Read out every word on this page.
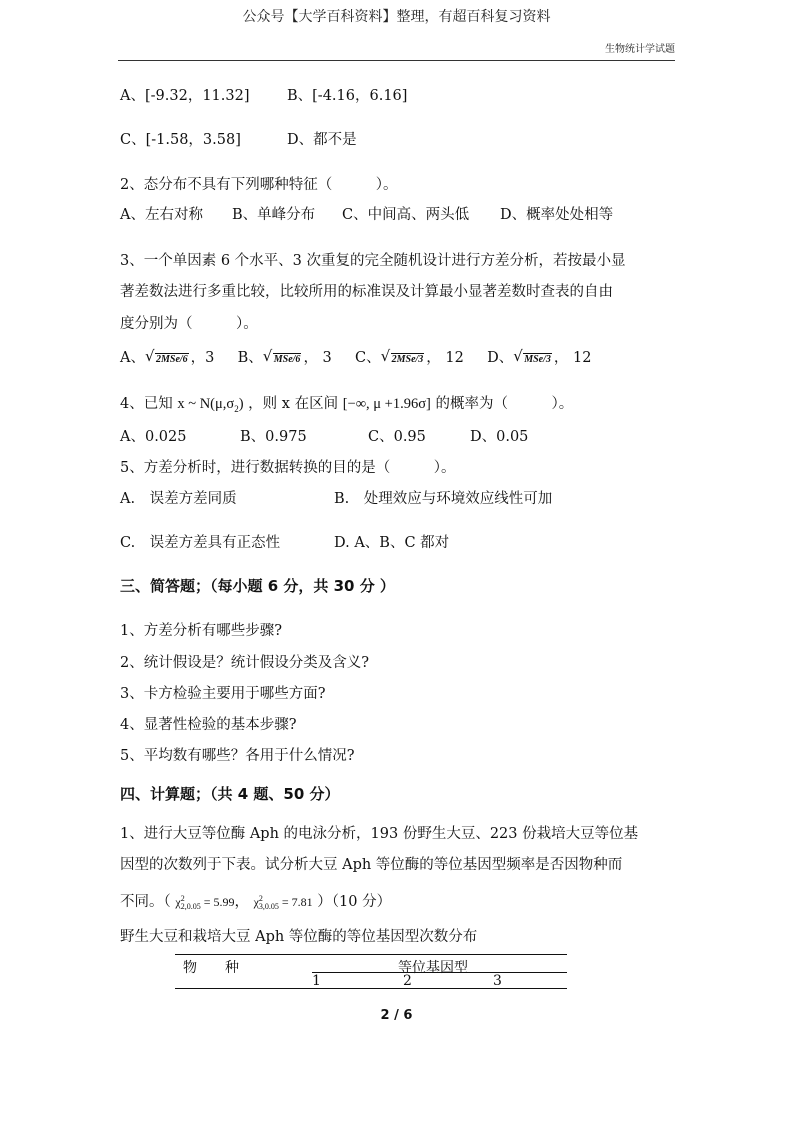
公众号【大学百科资料】整理，有超百科复习资料
生物统计学试题
A、[-9.32，11.32]	B、[-4.16，6.16]
C、[-1.58，3.58]	D、都不是
2、态分布不具有下列哪种特征（　　　）。
A、左右对称 B、单峰分布 C、中间高、两头低 D、概率处处相等
3、一个单因素 6 个水平、3 次重复的完全随机设计进行方差分析，若按最小显
著差数法进行多重比较，比较所用的标准误及计算最小显著差数时查表的自由
度分别为（　　　）。
A、 √ 2MSe/6 ，3 B、 √ MSe/6 ， 3 C、 √ 2MSe/3 ， 12 D、 √ MSe/3 ， 12
4、已知 x ~ $N(\mu,\sigma_2)$ ，则 x 在区间 [−∞, μ +1.96σ] 的概率为（　　　）。
A、0.025	B、0.975	C、0.95	D、0.05
5、方差分析时，进行数据转换的目的是（　　　）。
A.　误差方差同质	B.　处理效应与环境效应线性可加
C.　误差方差具有正态性	D. A、B、C 都对
三、简答题；（每小题 6 分，共 30 分 ）
1、方差分析有哪些步骤?
2、统计假设是？统计假设分类及含义?
3、卡方检验主要用于哪些方面?
4、显著性检验的基本步骤?
5、平均数有哪些？各用于什么情况?
四、计算题；（共 4 题、50 分）
1、进行大豆等位酶 Aph 的电泳分析，193 份野生大豆、223 份栽培大豆等位基
因型的次数列于下表。试分析大豆 Aph 等位酶的等位基因型频率是否因物种而
不同。（ χ 2
2,0.05 = 5.99， χ 2
3,0.05 = 7.81 ）（10 分）
野生大豆和栽培大豆 Aph 等位酶的等位基因型次数分布
物　　种	等位基因型
1	2	3
2 / 6
